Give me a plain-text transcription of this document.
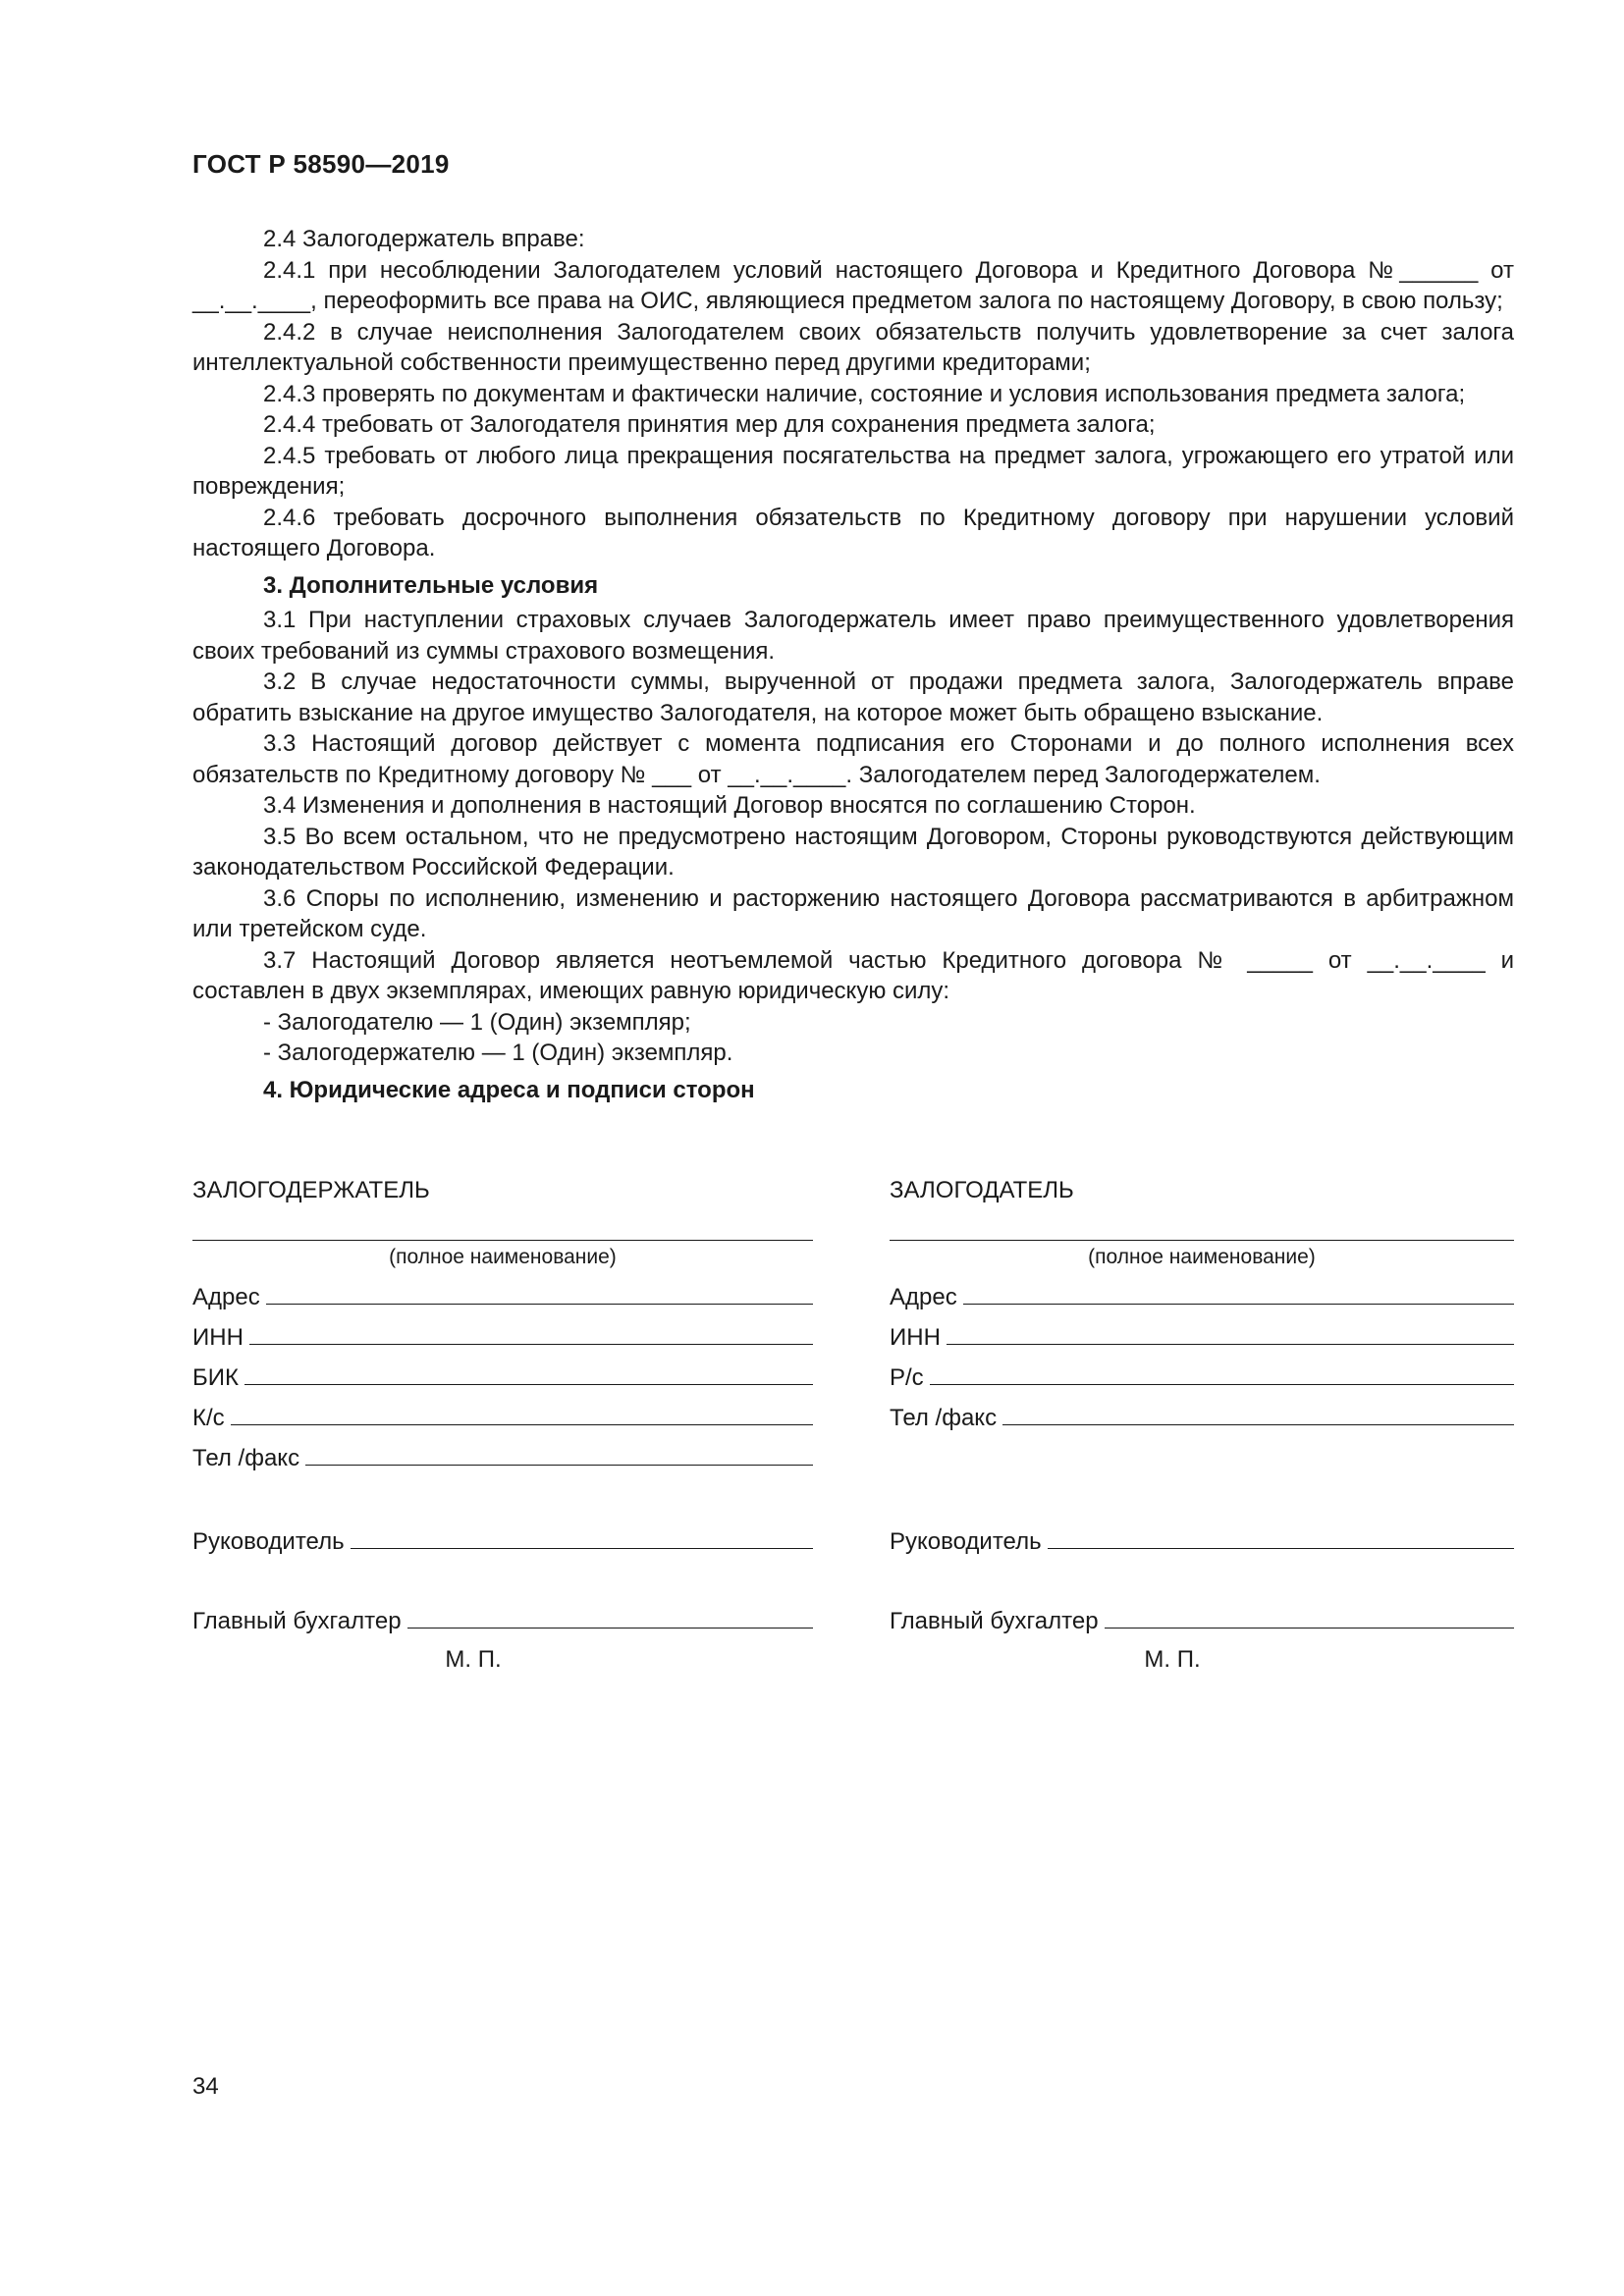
ГОСТ Р 58590—2019

2.4 Залогодержатель вправе:

2.4.1 при несоблюдении Залогодателем условий настоящего Договора и Кредитного Договора №______ от __.__.____, переоформить все права на ОИС, являющиеся предметом залога по настоящему Договору, в свою пользу;

2.4.2 в случае неисполнения Залогодателем своих обязательств получить удовлетворение за счет залога интеллектуальной собственности преимущественно перед другими кредиторами;

2.4.3 проверять по документам и фактически наличие, состояние и условия использования предмета залога;

2.4.4 требовать от Залогодателя принятия мер для сохранения предмета залога;

2.4.5 требовать от любого лица прекращения посягательства на предмет залога, угрожающего его утратой или повреждения;

2.4.6 требовать досрочного выполнения обязательств по Кредитному договору при нарушении условий настоящего Договора.

3. Дополнительные условия

3.1 При наступлении страховых случаев Залогодержатель имеет право преимущественного удовлетворения своих требований из суммы страхового возмещения.

3.2 В случае недостаточности суммы, вырученной от продажи предмета залога, Залогодержатель вправе обратить взыскание на другое имущество Залогодателя, на которое может быть обращено взыскание.

3.3 Настоящий договор действует с момента подписания его Сторонами и до полного исполнения всех обязательств по Кредитному договору № ___ от __.__.____. Залогодателем перед Залогодержателем.

3.4 Изменения и дополнения в настоящий Договор вносятся по соглашению Сторон.

3.5 Во всем остальном, что не предусмотрено настоящим Договором, Стороны руководствуются действующим законодательством Российской Федерации.

3.6 Споры по исполнению, изменению и расторжению настоящего Договора рассматриваются в арбитражном или третейском суде.

3.7 Настоящий Договор является неотъемлемой частью Кредитного договора № _____ от __.__.____ и составлен в двух экземплярах, имеющих равную юридическую силу:

- Залогодателю — 1 (Один) экземпляр;

- Залогодержателю — 1 (Один) экземпляр.

4. Юридические адреса и подписи сторон

ЗАЛОГОДЕРЖАТЕЛЬ
(полное наименование)
Адрес
ИНН
БИК
К/с
Тел /факс
Руководитель
Главный бухгалтер
М. П.
ЗАЛОГОДАТЕЛЬ
(полное наименование)
Адрес
ИНН
Р/с
Тел /факс
Руководитель
Главный бухгалтер
М. П.
34
